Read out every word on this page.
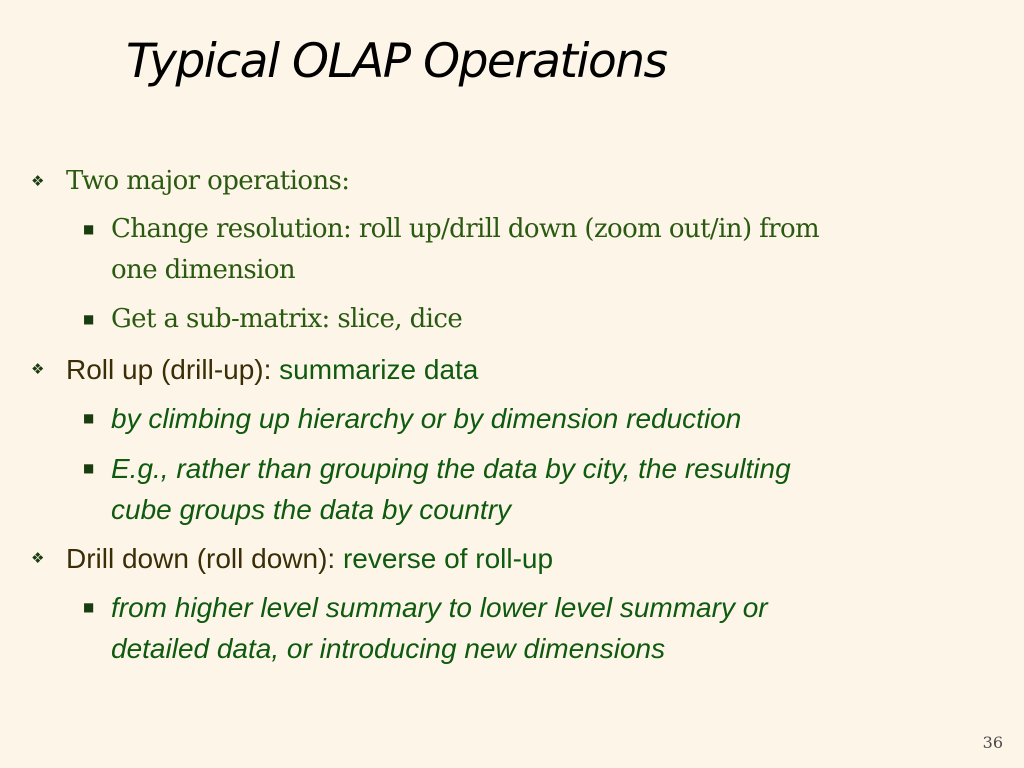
Typical OLAP Operations
❖ Two major operations:

■ Change resolution: roll up/drill down (zoom out/in) from
one dimension

■ Get a sub-matrix: slice, dice

❖ Roll up (drill-up): summarize data

■ by climbing up hierarchy or by dimension reduction

■ E.g., rather than grouping the data by city, the resulting
cube groups the data by country

❖ Drill down (roll down): reverse of roll-up

■ from higher level summary to lower level summary or
detailed data, or introducing new dimensions

36
